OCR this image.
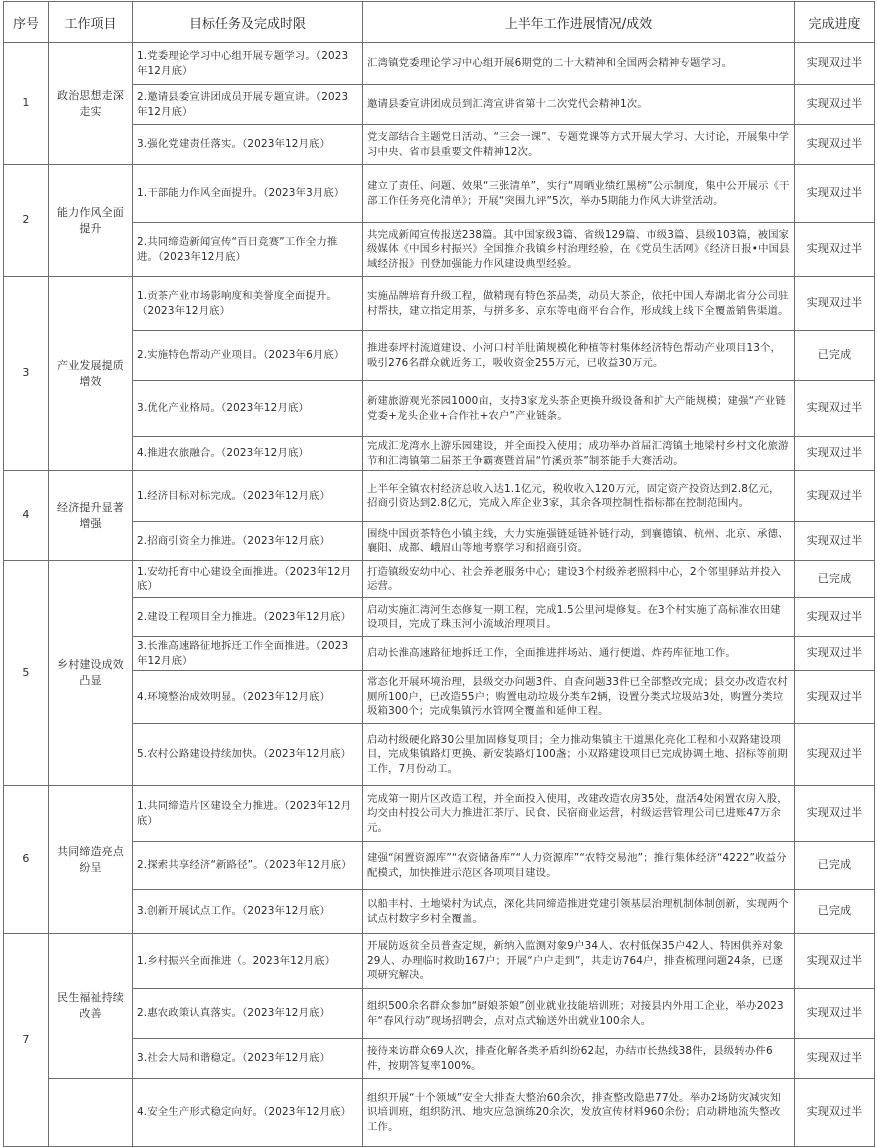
序号	工作项目	目标任务及完成时限	上半年工作进展情况/成效	完成进度
1	政治思想走深走实	1.党委理论学习中心组开展专题学习。（2023年12月底）	汇湾镇党委理论学习中心组开展6期党的二十大精神和全国两会精神专题学习。	实现双过半
		2.邀请县委宣讲团成员开展专题宣讲。（2023年12月底）	邀请县委宣讲团成员到汇湾宣讲省第十二次党代会精神1次。	实现双过半
		3.强化党建责任落实。（2023年12月底）	党支部结合主题党日活动、“三会一课”、专题党课等方式开展大学习、大讨论，开展集中学习中央、省市县重要文件精神12次。	实现双过半
2	能力作风全面提升	1.干部能力作风全面提升。（2023年3月底）	建立了责任、问题、效果“三张清单”，实行“周晒业绩红黑榜”公示制度，集中公开展示《干部工作任务亮化清单》；开展“突围九评”5次，举办5期能力作风大讲堂活动。	实现双过半
		2.共同缔造新闻宣传“百日竞赛”工作全力推进。（2023年12月底）	共完成新闻宣传报送238篇。其中国家级3篇、省级129篇、市级3篇、县级103篇，被国家级媒体《中国乡村振兴》全国推介我镇乡村治理经验，在《党员生活网》《经济日报•中国县域经济报》刊登加强能力作风建设典型经验。	实现双过半
3	产业发展提质增效	1.贡茶产业市场影响度和美誉度全面提升。（2023年12月底）	实施品牌培育升级工程，做精现有特色茶品类，动员大茶企，依托中国人寿湖北省分公司驻村帮扶，建立指定用茶，与拼多多、京东等电商平台合作，形成线上线下全覆盖销售渠道。	实现双过半
		2.实施特色帮动产业项目。（2023年6月底）	推进泰坪村流道建设、小河口村羊肚菌规模化种植等村集体经济特色帮动产业项目13个，吸引276名群众就近务工，吸收资金255万元，已收益30万元。	已完成
		3.优化产业格局。（2023年12月底）	新建旅游观光茶园1000亩，支持3家龙头茶企更换升级设备和扩大产能规模；建强“产业链党委+龙头企业+合作社+农户”产业链条。	实现双过半
		4.推进农旅融合。（2023年12月底）	完成汇龙湾水上游乐园建设，并全面投入使用；成功举办首届汇湾镇土地梁村乡村文化旅游节和汇湾镇第二届茶王争霸赛暨首届“竹溪贡茶”制茶能手大赛活动。	实现双过半
4	经济提升显著增强	1.经济目标对标完成。（2023年12月底）	上半年全镇农村经济总收入达1.1亿元，税收收入120万元，固定资产投资达到2.8亿元，招商引资达到2.8亿元，完成入库企业3家，其余各项控制性指标都在控制范围内。	实现双过半
		2.招商引资全力推进。（2023年12月底）	围绕中国贡茶特色小镇主线，大力实施强链延链补链行动，到襄德镇、杭州、北京、承德、襄阳、成都、峨眉山等地考察学习和招商引资。	实现双过半
5	乡村建设成效凸显	1.安幼托育中心建设全面推进。（2023年12月底）	打造镇级安幼中心、社会养老服务中心；建设3个村级养老照料中心，2个邻里驿站并投入运营。	已完成
		2.建设工程项目全力推进。（2023年12月底）	启动实施汇湾河生态修复一期工程，完成1.5公里河堤修复。在3个村实施了高标准农田建设项目，完成了珠玉河小流域治理项目。	实现双过半
		3.长淮高速路征地拆迁工作全面推进。（2023年12月底）	启动长淮高速路征地拆迁工作，全面推进拌场站、通行便道、炸药库征地工作。	实现双过半
		4.环境整治成效明显。（2023年12月底）	常态化开展环境治理，县级交办问题3件、自查问题33件已全部整改完成；县交办改造农村厕所100户，已改造55户；购置电动垃圾分类车2辆，设置分类式垃圾站3处，购置分类垃圾箱300个；完成集镇污水管网全覆盖和延伸工程。	实现双过半
		5.农村公路建设持续加快。（2023年12月底）	启动村级硬化路30公里加固修复项目；全力推动集镇主干道黑化亮化工程和小双路建设项目，完成集镇路灯更换、新安装路灯100盏；小双路建设项目已完成协调土地、招标等前期工作，7月份动工。	实现双过半
6	共同缔造亮点纷呈	1.共同缔造片区建设全力推进。（2023年12月底）	完成第一期片区改造工程，并全面投入使用，改建改造农房35处，盘活4处闲置农房入股，均交由村投公司大力推进汇茶厅、民食、民宿商业运营，村级运营管理公司已进账47万余元。	实现双过半
		2.探索共享经济“新路径”。（2023年12月底）	建强“闲置资源库”“农资储备库”“人力资源库”“农特交易池”；推行集体经济“4222”收益分配模式，加快推进示范区各项项目建设。	已完成
		3.创新开展试点工作。（2023年12月底）	以船丰村、土地梁村为试点，深化共同缔造推进党建引领基层治理机制体制创新，实现两个试点村数字乡村全覆盖。	已完成
7	民生福祉持续改善	1.乡村振兴全面推进（。2023年12月底）	开展防返贫全员普查定规，新纳入监测对象9户34人、农村低保35户42人、特困供养对象29人、办理临时救助167户；开展“户户走到”，共走访764户，排查梳理问题24条，已逐项研究解决。	实现双过半
		2.惠农政策认真落实。（2023年12月底）	组织500余名群众参加“厨娘茶娘”创业就业技能培训班；对接县内外用工企业，举办2023年“春风行动”现场招聘会，点对点式输送外出就业100余人。	实现双过半
		3.社会大局和谐稳定。（2023年12月底）	接待来访群众69人次，排查化解各类矛盾纠纷62起，办结市长热线38件，县级转办件6件，按期答复率100%。	实现双过半
		4.安全生产形式稳定向好。（2023年12月底）	组织开展“十个领域”安全大排查大整治60余次，排查整改隐患77处。举办2场防灾减灾知识培训班，组织防汛、地灾应急演练20余次，发放宣传材料960余份；启动耕地流失整改工作。	实现双过半
